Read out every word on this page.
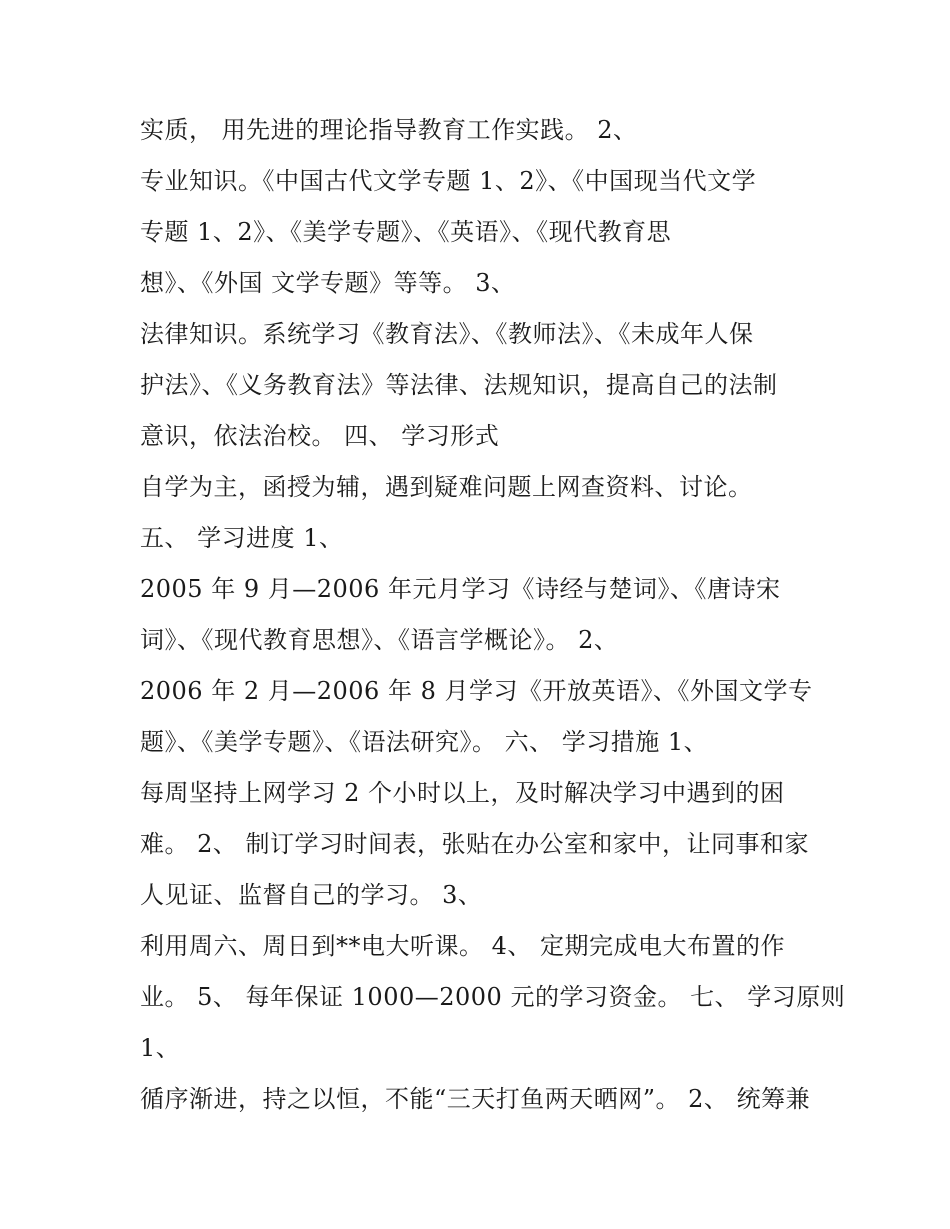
实质， 用先进的理论指导教育工作实践。 2、
专业知识。《中国古代文学专题 1、2》、《中国现当代文学
专题 1、2》、《美学专题》、《英语》、《现代教育思
想》、《外国 文学专题》等等。 3、
法律知识。系统学习《教育法》、《教师法》、《未成年人保
护法》、《义务教育法》等法律、法规知识，提高自己的法制
意识，依法治校。 四、 学习形式
自学为主，函授为辅，遇到疑难问题上网查资料、讨论。
五、 学习进度 1、
2005 年 9 月—2006 年元月学习《诗经与楚词》、《唐诗宋
词》、《现代教育思想》、《语言学概论》。 2、
2006 年 2 月—2006 年 8 月学习《开放英语》、《外国文学专
题》、《美学专题》、《语法研究》。 六、 学习措施 1、
每周坚持上网学习 2 个小时以上，及时解决学习中遇到的困
难。 2、 制订学习时间表，张贴在办公室和家中，让同事和家
人见证、监督自己的学习。 3、
利用周六、周日到**电大听课。 4、 定期完成电大布置的作
业。 5、 每年保证 1000—2000 元的学习资金。 七、 学习原则
1、
循序渐进，持之以恒，不能“三天打鱼两天晒网”。 2、 统筹兼
